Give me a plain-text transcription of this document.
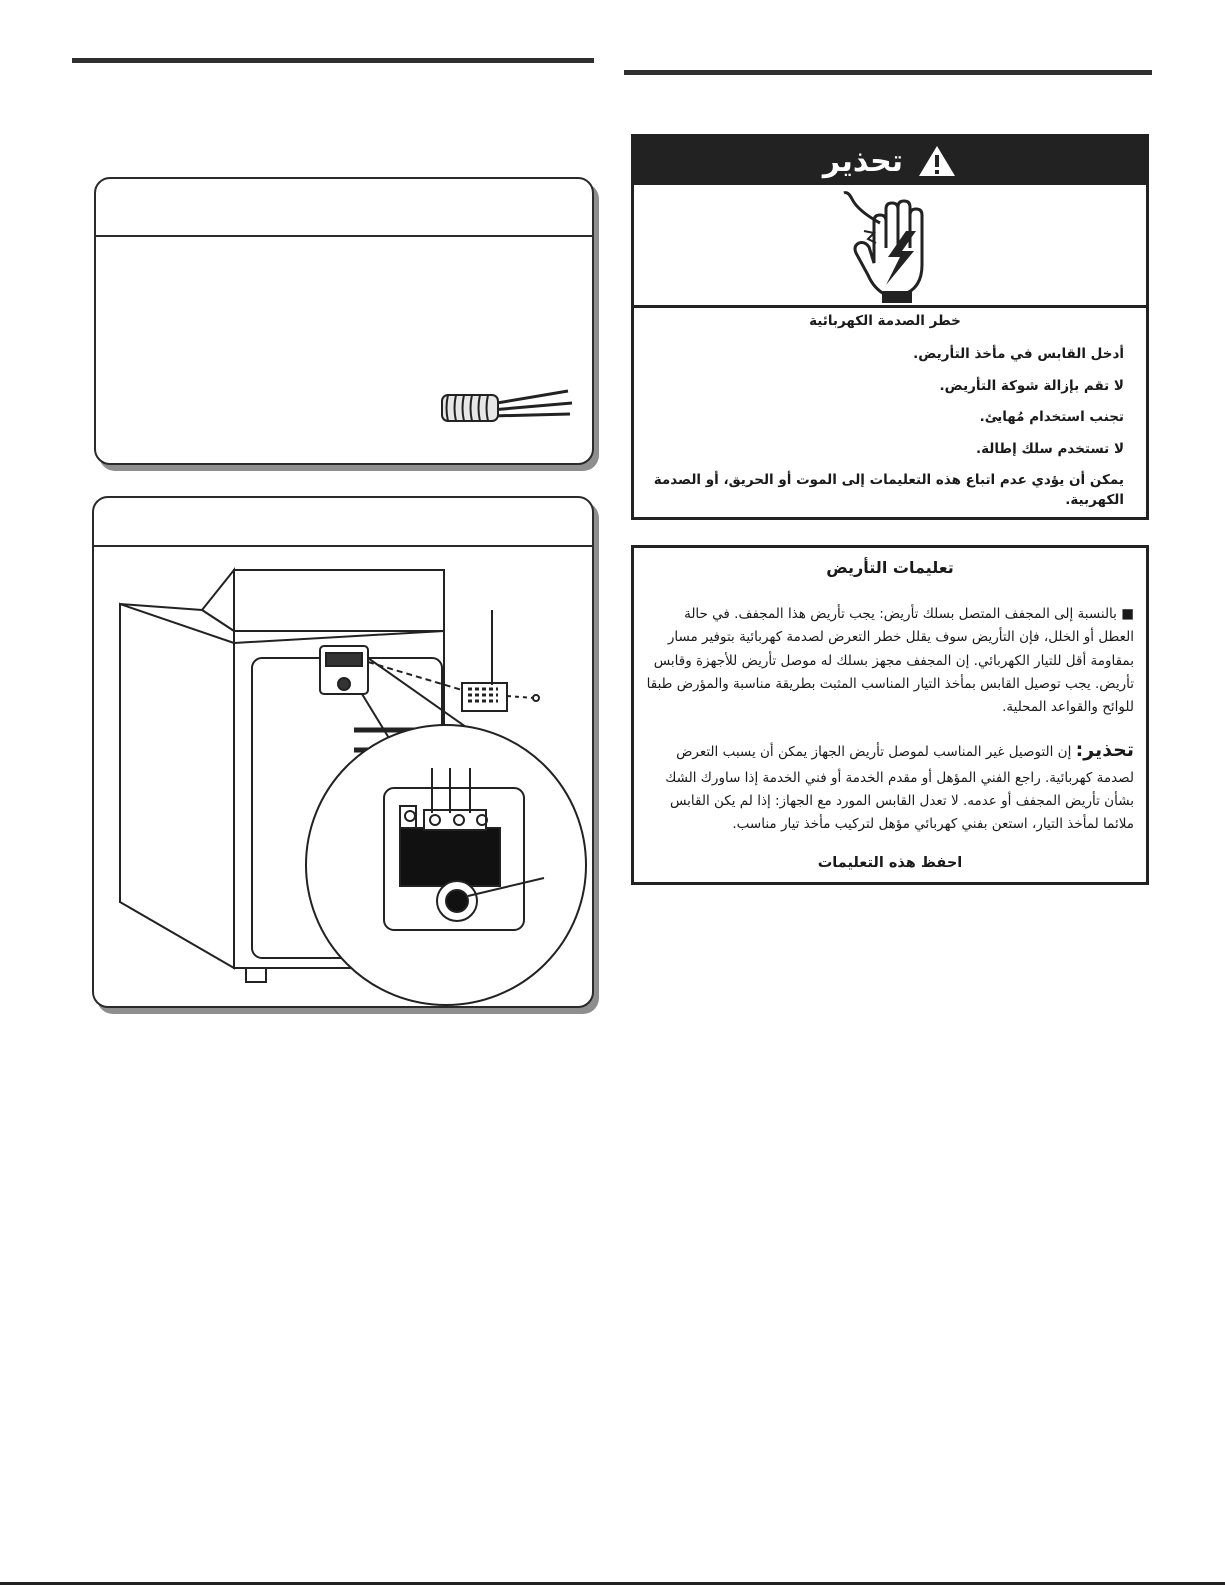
تحذير
خطر الصدمة الكهربائية

أدخل القابس في مأخذ التأريض.

لا تقم بإزالة شوكة التأريض.

تجنب استخدام مُهايئ.

لا تستخدم سلك إطالة.

يمكن أن يؤدي عدم اتباع هذه التعليمات إلى الموت أو الحريق، أو الصدمة الكهربية.

تعليمات التأريض

■ بالنسبة إلى المجفف المتصل بسلك تأريض: يجب تأريض هذا المجفف. في حالة العطل أو الخلل، فإن التأريض سوف يقلل خطر التعرض لصدمة كهربائية بتوفير مسار بمقاومة أقل للتيار الكهربائي. إن المجفف مجهز بسلك له موصل تأريض للأجهزة وقابس تأريض. يجب توصيل القابس بمأخذ التيار المناسب المثبت بطريقة مناسبة والمؤرض طبقا للوائح والقواعد المحلية.

تحذير: إن التوصيل غير المناسب لموصل تأريض الجهاز يمكن أن يسبب التعرض لصدمة كهربائية. راجع الفني المؤهل أو مقدم الخدمة أو فني الخدمة إذا ساورك الشك بشأن تأريض المجفف أو عدمه. لا تعدل القابس المورد مع الجهاز: إذا لم يكن القابس ملائما لمأخذ التيار، استعن بفني كهربائي مؤهل لتركيب مأخذ تيار مناسب.

احفظ هذه التعليمات
